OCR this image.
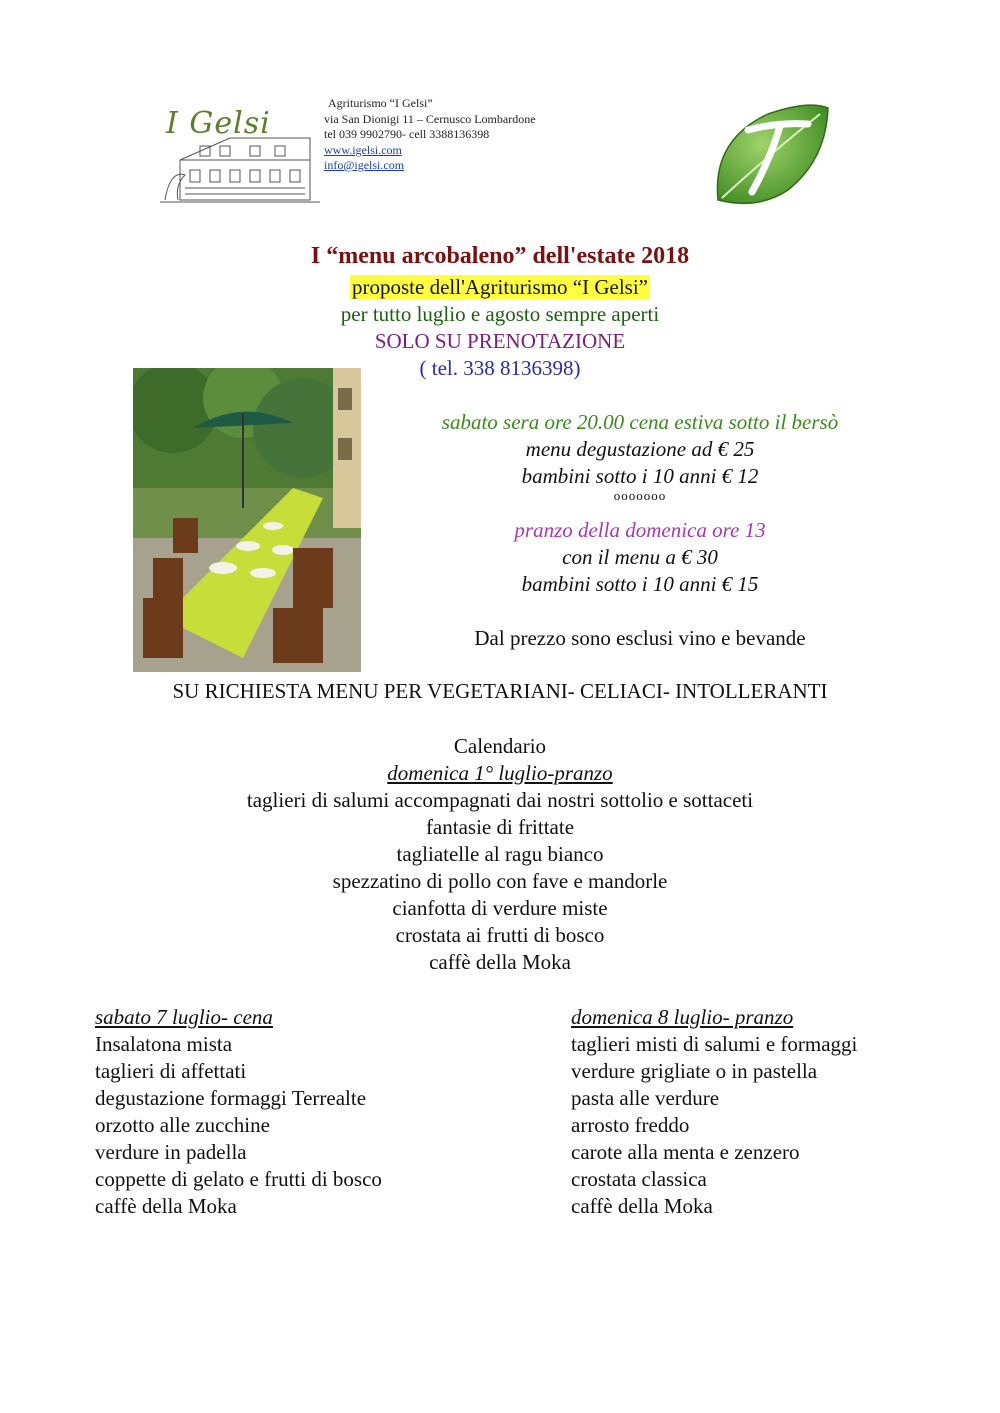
I Gelsi
Agriturismo “I Gelsi”
via San Dionigi 11 – Cernusco Lombardone
tel 039 9902790- cell 3388136398
www.igelsi.com
info@igelsi.com
I “menu arcobaleno” dell'estate 2018
proposte dell'Agriturismo “I Gelsi”
per tutto luglio e agosto sempre aperti
SOLO SU PRENOTAZIONE
( tel. 338 8136398)
sabato sera ore 20.00 cena estiva sotto il bersò
menu degustazione ad € 25
bambini sotto i 10 anni € 12
ooooooo
pranzo della domenica ore 13
con il menu a € 30
bambini sotto i 10 anni € 15
Dal prezzo sono esclusi vino e bevande
SU RICHIESTA MENU PER VEGETARIANI- CELIACI- INTOLLERANTI
Calendario
domenica 1° luglio-pranzo
taglieri di salumi accompagnati dai nostri sottolio e sottaceti
fantasie di frittate
tagliatelle al ragu bianco
spezzatino di pollo con fave e mandorle
cianfotta di verdure miste
crostata ai frutti di bosco
caffè della Moka
sabato 7 luglio- cena
Insalatona mista
taglieri di affettati
degustazione formaggi Terrealte
orzotto alle zucchine
verdure in padella
coppette di gelato e frutti di bosco
caffè della Moka
domenica 8 luglio- pranzo
taglieri misti di salumi e formaggi
verdure grigliate o in pastella
pasta alle verdure
arrosto freddo
carote alla menta e zenzero
crostata classica
caffè della Moka
